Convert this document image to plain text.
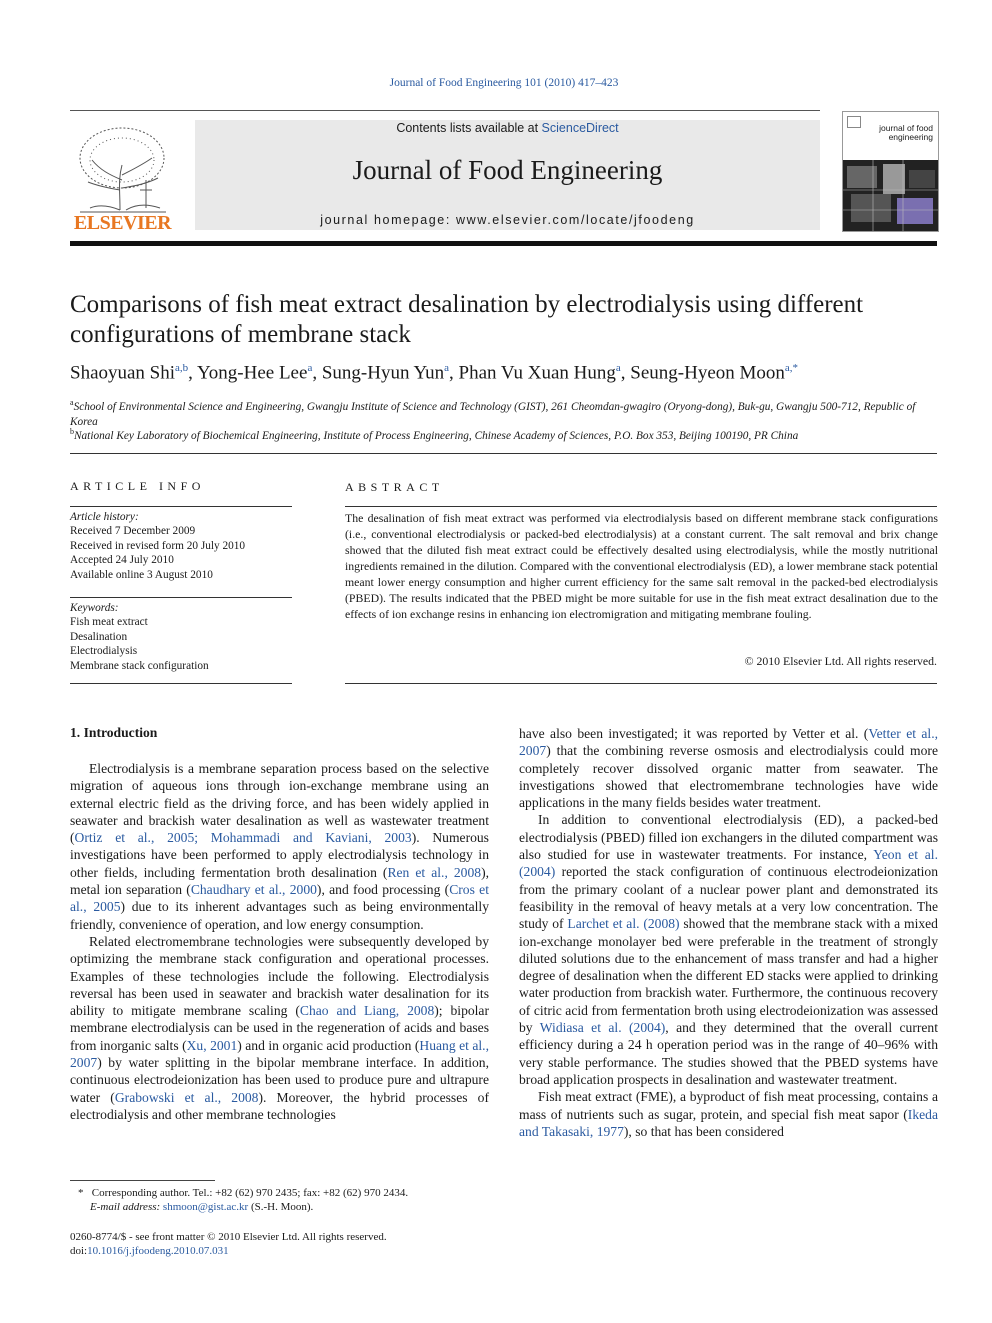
Journal of Food Engineering 101 (2010) 417–423
ELSEVIER
Contents lists available at ScienceDirect
Journal of Food Engineering
journal homepage: www.elsevier.com/locate/jfoodeng
journal of food engineering
Comparisons of fish meat extract desalination by electrodialysis using different configurations of membrane stack
Shaoyuan Shi$^{a,b}$, Yong-Hee Lee$^a$, Sung-Hyun Yun$^a$, Phan Vu Xuan Hung$^a$, Seung-Hyeon Moon$^{a,*}$
$^a$School of Environmental Science and Engineering, Gwangju Institute of Science and Technology (GIST), 261 Cheomdan-gwagiro (Oryong-dong), Buk-gu, Gwangju 500-712, Republic of Korea
$^b$National Key Laboratory of Biochemical Engineering, Institute of Process Engineering, Chinese Academy of Sciences, P.O. Box 353, Beijing 100190, PR China
ARTICLE INFO
Article history:
Received 7 December 2009
Received in revised form 20 July 2010
Accepted 24 July 2010
Available online 3 August 2010
Keywords:
Fish meat extract
Desalination
Electrodialysis
Membrane stack configuration
ABSTRACT
The desalination of fish meat extract was performed via electrodialysis based on different membrane stack configurations (i.e., conventional electrodialysis or packed-bed electrodialysis) at a constant current. The salt removal and brix change showed that the diluted fish meat extract could be effectively desalted using electrodialysis, while the mostly nutritional ingredients remained in the dilution. Compared with the conventional electrodialysis (ED), a lower membrane stack potential meant lower energy consumption and higher current efficiency for the same salt removal in the packed-bed electrodialysis (PBED). The results indicated that the PBED might be more suitable for use in the fish meat extract desalination due to the effects of ion exchange resins in enhancing ion electromigration and mitigating membrane fouling.
© 2010 Elsevier Ltd. All rights reserved.
1. Introduction

Electrodialysis is a membrane separation process based on the selective migration of aqueous ions through ion-exchange membrane using an external electric field as the driving force, and has been widely applied in seawater and brackish water desalination as well as wastewater treatment (Ortiz et al., 2005; Mohammadi and Kaviani, 2003). Numerous investigations have been performed to apply electrodialysis technology in other fields, including fermentation broth desalination (Ren et al., 2008), metal ion separation (Chaudhary et al., 2000), and food processing (Cros et al., 2005) due to its inherent advantages such as being environmentally friendly, convenience of operation, and low energy consumption.

Related electromembrane technologies were subsequently developed by optimizing the membrane stack configuration and operational processes. Examples of these technologies include the following. Electrodialysis reversal has been used in seawater and brackish water desalination for its ability to mitigate membrane scaling (Chao and Liang, 2008); bipolar membrane electrodialysis can be used in the regeneration of acids and bases from inorganic salts (Xu, 2001) and in organic acid production (Huang et al., 2007) by water splitting in the bipolar membrane interface. In addition, continuous electrodeionization has been used to produce pure and ultrapure water (Grabowski et al., 2008). Moreover, the hybrid processes of electrodialysis and other membrane technologies

have also been investigated; it was reported by Vetter et al. (Vetter et al., 2007) that the combining reverse osmosis and electrodialysis could more completely recover dissolved organic matter from seawater. The investigations showed that electromembrane technologies have wide applications in the many fields besides water treatment.

In addition to conventional electrodialysis (ED), a packed-bed electrodialysis (PBED) filled ion exchangers in the diluted compartment was also studied for use in wastewater treatments. For instance, Yeon et al. (2004) reported the stack configuration of continuous electrodeionization from the primary coolant of a nuclear power plant and demonstrated its feasibility in the removal of heavy metals at a very low concentration. The study of Larchet et al. (2008) showed that the membrane stack with a mixed ion-exchange monolayer bed were preferable in the treatment of strongly diluted solutions due to the enhancement of mass transfer and had a higher degree of desalination when the different ED stacks were applied to drinking water production from brackish water. Furthermore, the continuous recovery of citric acid from fermentation broth using electrodeionization was assessed by Widiasa et al. (2004), and they determined that the overall current efficiency during a 24 h operation period was in the range of 40–96% with very stable performance. The studies showed that the PBED systems have broad application prospects in desalination and wastewater treatment.

Fish meat extract (FME), a byproduct of fish meat processing, contains a mass of nutrients such as sugar, protein, and special fish meat sapor (Ikeda and Takasaki, 1977), so that has been considered

* Corresponding author. Tel.: +82 (62) 970 2435; fax: +82 (62) 970 2434.
E-mail address: shmoon@gist.ac.kr (S.-H. Moon).
0260-8774/$ - see front matter © 2010 Elsevier Ltd. All rights reserved.
doi:10.1016/j.jfoodeng.2010.07.031
